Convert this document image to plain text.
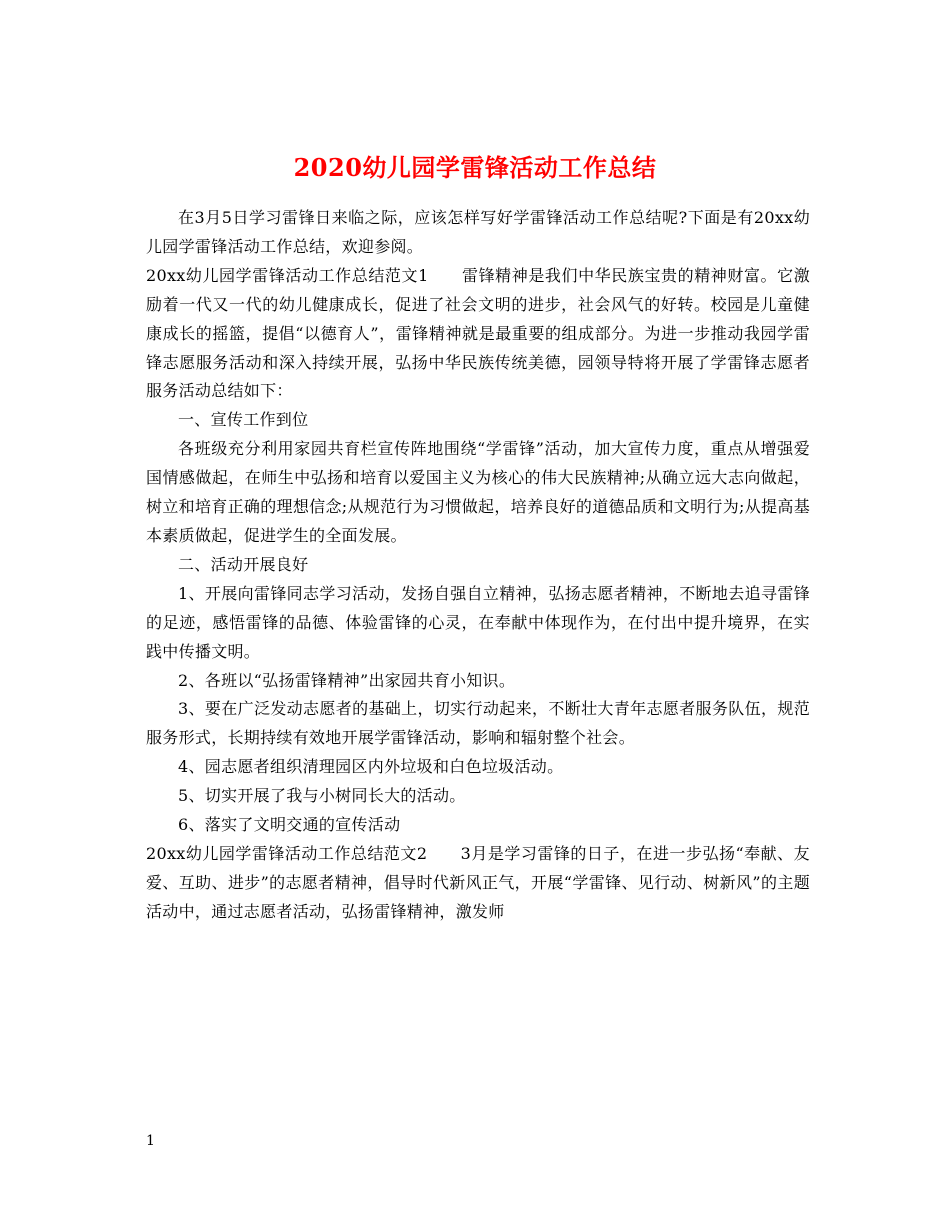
2020幼儿园学雷锋活动工作总结

在3月5日学习雷锋日来临之际，应该怎样写好学雷锋活动工作总结呢?下面是有20xx幼儿园学雷锋活动工作总结，欢迎参阅。

20xx幼儿园学雷锋活动工作总结范文1　　雷锋精神是我们中华民族宝贵的精神财富。它激励着一代又一代的幼儿健康成长，促进了社会文明的进步，社会风气的好转。校园是儿童健康成长的摇篮，提倡“以德育人”，雷锋精神就是最重要的组成部分。为进一步推动我园学雷锋志愿服务活动和深入持续开展，弘扬中华民族传统美德，园领导特将开展了学雷锋志愿者服务活动总结如下：

一、宣传工作到位

各班级充分利用家园共育栏宣传阵地围绕“学雷锋”活动，加大宣传力度，重点从增强爱国情感做起，在师生中弘扬和培育以爱国主义为核心的伟大民族精神;从确立远大志向做起，树立和培育正确的理想信念;从规范行为习惯做起，培养良好的道德品质和文明行为;从提高基本素质做起，促进学生的全面发展。

二、活动开展良好

1、开展向雷锋同志学习活动，发扬自强自立精神，弘扬志愿者精神，不断地去追寻雷锋的足迹，感悟雷锋的品德、体验雷锋的心灵，在奉献中体现作为，在付出中提升境界，在实践中传播文明。

2、各班以“弘扬雷锋精神”出家园共育小知识。

3、要在广泛发动志愿者的基础上，切实行动起来，不断壮大青年志愿者服务队伍，规范服务形式，长期持续有效地开展学雷锋活动，影响和辐射整个社会。

4、园志愿者组织清理园区内外垃圾和白色垃圾活动。

5、切实开展了我与小树同长大的活动。

6、落实了文明交通的宣传活动

20xx幼儿园学雷锋活动工作总结范文2　　3月是学习雷锋的日子，在进一步弘扬“奉献、友爱、互助、进步”的志愿者精神，倡导时代新风正气，开展“学雷锋、见行动、树新风”的主题活动中，通过志愿者活动，弘扬雷锋精神，激发师

1
